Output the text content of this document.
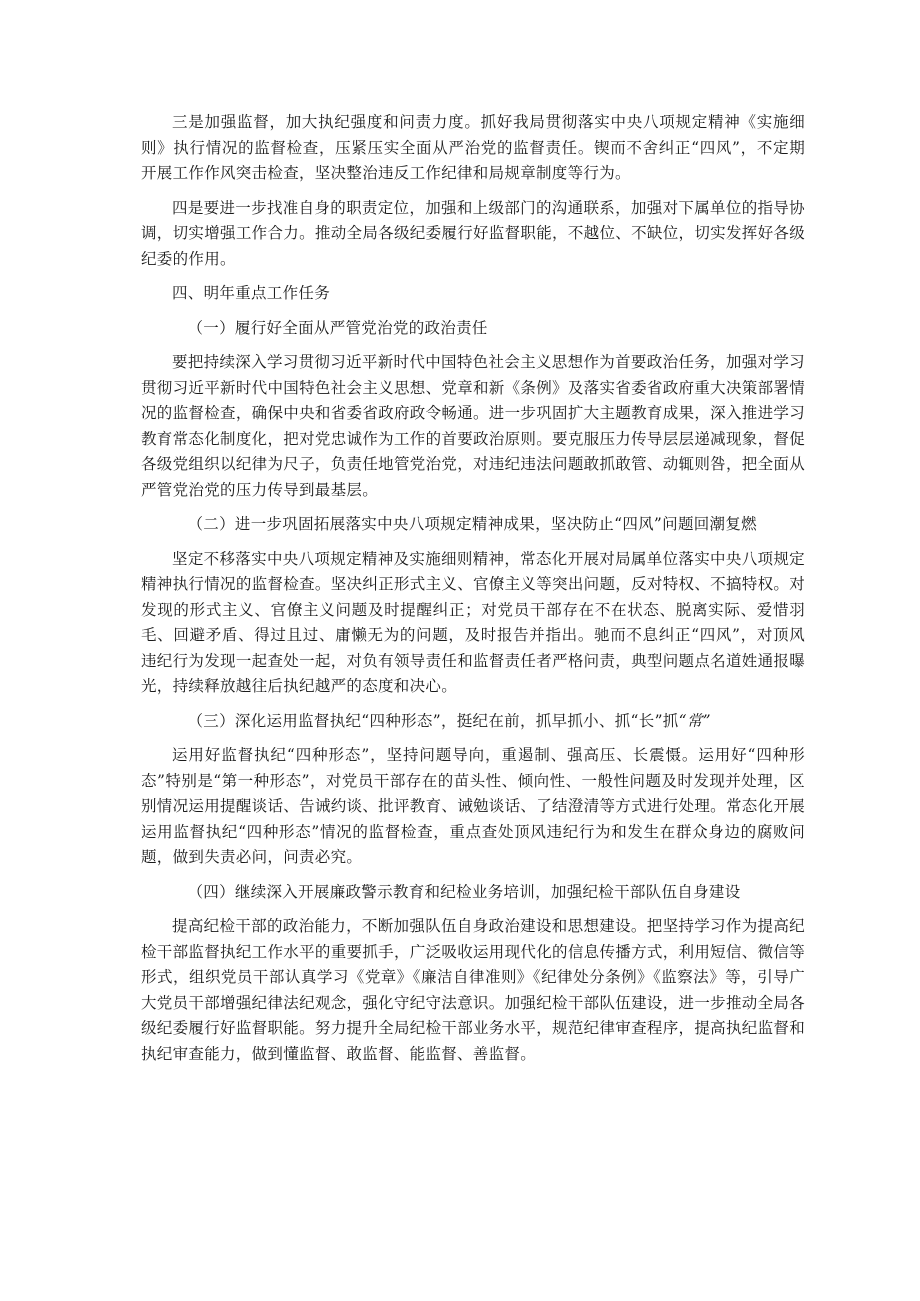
三是加强监督，加大执纪强度和问责力度。抓好我局贯彻落实中央八项规定精神《实施细则》执行情况的监督检查，压紧压实全面从严治党的监督责任。锲而不舍纠正“四风”，不定期开展工作作风突击检查，坚决整治违反工作纪律和局规章制度等行为。

四是要进一步找准自身的职责定位，加强和上级部门的沟通联系，加强对下属单位的指导协调，切实增强工作合力。推动全局各级纪委履行好监督职能，不越位、不缺位，切实发挥好各级纪委的作用。

四、明年重点工作任务

（一）履行好全面从严管党治党的政治责任

要把持续深入学习贯彻习近平新时代中国特色社会主义思想作为首要政治任务，加强对学习贯彻习近平新时代中国特色社会主义思想、党章和新《条例》及落实省委省政府重大决策部署情况的监督检查，确保中央和省委省政府政令畅通。进一步巩固扩大主题教育成果，深入推进学习教育常态化制度化，把对党忠诚作为工作的首要政治原则。要克服压力传导层层递减现象，督促各级党组织以纪律为尺子，负责任地管党治党，对违纪违法问题敢抓敢管、动辄则咎，把全面从严管党治党的压力传导到最基层。

（二）进一步巩固拓展落实中央八项规定精神成果，坚决防止“四风”问题回潮复燃

坚定不移落实中央八项规定精神及实施细则精神，常态化开展对局属单位落实中央八项规定精神执行情况的监督检查。坚决纠正形式主义、官僚主义等突出问题，反对特权、不搞特权。对发现的形式主义、官僚主义问题及时提醒纠正；对党员干部存在不在状态、脱离实际、爱惜羽毛、回避矛盾、得过且过、庸懒无为的问题，及时报告并指出。驰而不息纠正“四风”，对顶风违纪行为发现一起查处一起，对负有领导责任和监督责任者严格问责，典型问题点名道姓通报曝光，持续释放越往后执纪越严的态度和决心。

（三）深化运用监督执纪“四种形态”，挺纪在前，抓早抓小、抓“长”抓“常”

运用好监督执纪“四种形态”，坚持问题导向，重遏制、强高压、长震慑。运用好“四种形态”特别是“第一种形态”，对党员干部存在的苗头性、倾向性、一般性问题及时发现并处理，区别情况运用提醒谈话、告诫约谈、批评教育、诫勉谈话、了结澄清等方式进行处理。常态化开展运用监督执纪“四种形态”情况的监督检查，重点查处顶风违纪行为和发生在群众身边的腐败问题，做到失责必问，问责必究。

（四）继续深入开展廉政警示教育和纪检业务培训，加强纪检干部队伍自身建设

提高纪检干部的政治能力，不断加强队伍自身政治建设和思想建设。把坚持学习作为提高纪检干部监督执纪工作水平的重要抓手，广泛吸收运用现代化的信息传播方式，利用短信、微信等形式，组织党员干部认真学习《党章》《廉洁自律准则》《纪律处分条例》《监察法》等，引导广大党员干部增强纪律法纪观念，强化守纪守法意识。加强纪检干部队伍建设，进一步推动全局各级纪委履行好监督职能。努力提升全局纪检干部业务水平，规范纪律审查程序，提高执纪监督和执纪审查能力，做到懂监督、敢监督、能监督、善监督。
